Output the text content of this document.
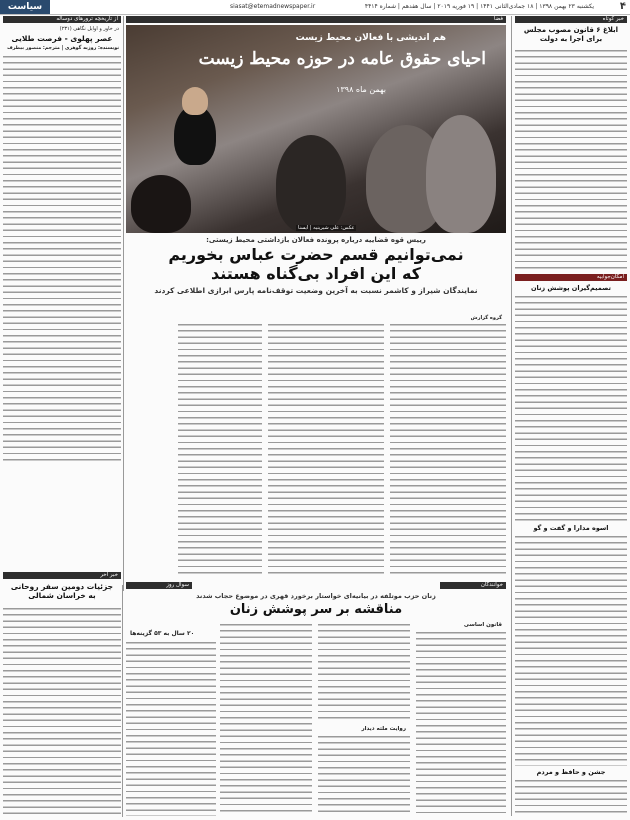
۴
یکشنبه ۲۳ بهمن ۱۳۹۸ | ۱۸ جمادی‌الثانی ۱۴۴۱ | ۱۹ فوریه ۲۰۱۹ | سال هفدهم | شماره ۴۴۱۴
siasat@etemadnewspaper.ir
سیاست
خبر کوتاه
ابلاغ ۶ قانون مصوب مجلس
برای اجرا به دولت
امکان‌جوابیه
تصمیم‌گیران پوشش زنان
اسوه مدارا و گفت و گو
جشن و حافظ و مردم
فضا
هم اندیشی با فعالان محیط زیست
احیای حقوق عامه در حوزه محیط زیست
بهمن ماه ۱۳۹۸
عکس: علی شیرینیه | ایسنا
رییس قوه قضاییه درباره پرونده فعالان بازداشتی محیط زیستی:
نمی‌توانیم قسم حضرت عباس بخوریم
که این افراد بی‌گناه هستند
نمایندگان شیراز و کاشمر نسبت به آخرین وضعیت توقف‌نامه پارس ابرازی اطلاعی کردند
گروه گزارش
از تاریخچه ترورهای دوساله
در خاور و اوایل نگاهی (۲۳۱)
عصر پهلوی - فرصت طلایی
نویسنده: روزبه گوهری | مترجم: منصور بیطرف
خبر آخر
جزئیات دومین سفر روحانی
به خراسان شمالی
خوانندگان
سوال روز
زنان حزب موتلفه در بیانیه‌ای خواستار برخورد قهری در موضوع حجاب شدند
مناقشه بر سر پوشش زنان
قانون اساسی
روایت ملته دیدار
۲۰ سال به ۵۳ گزینه‌ها
